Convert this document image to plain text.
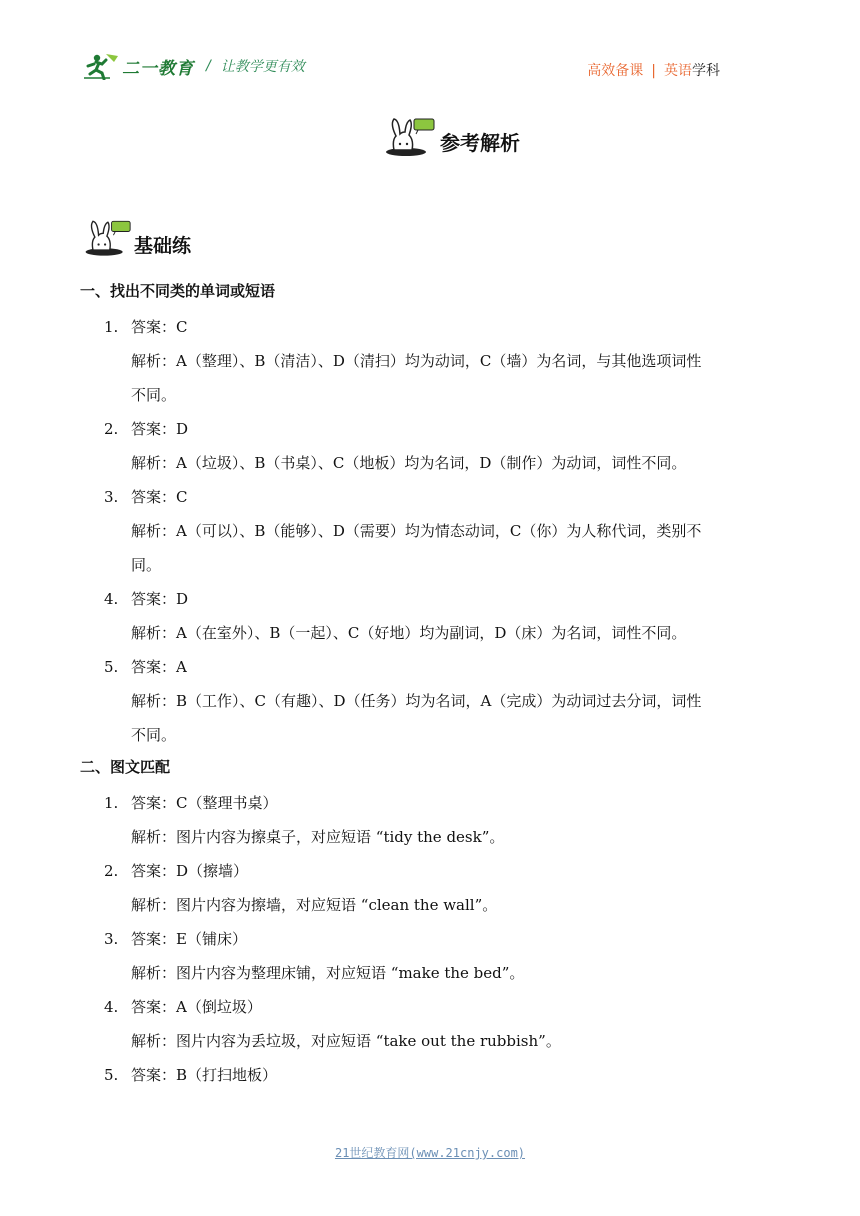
二一教育 / 让教学更有效	高效备课 | 英语学科
参考解析
基础练
一、找出不同类的单词或短语
1. 答案：C

解析：A（整理）、B（清洁）、D（清扫）均为动词，C（墙）为名词，与其他选项词性

不同。

2. 答案：D

解析：A（垃圾）、B（书桌）、C（地板）均为名词，D（制作）为动词，词性不同。

3. 答案：C

解析：A（可以）、B（能够）、D（需要）均为情态动词，C（你）为人称代词，类别不

同。

4. 答案：D

解析：A（在室外）、B（一起）、C（好地）均为副词，D（床）为名词，词性不同。

5. 答案：A

解析：B（工作）、C（有趣）、D（任务）均为名词，A（完成）为动词过去分词，词性

不同。

二、图文匹配
1. 答案：C（整理书桌）

解析：图片内容为擦桌子，对应短语 “tidy the desk”。

2. 答案：D（擦墙）

解析：图片内容为擦墙，对应短语 “clean the wall”。

3. 答案：E（铺床）

解析：图片内容为整理床铺，对应短语 “make the bed”。

4. 答案：A（倒垃圾）

解析：图片内容为丢垃圾，对应短语 “take out the rubbish”。

5. 答案：B（打扫地板）

21世纪教育网(www.21cnjy.com)
